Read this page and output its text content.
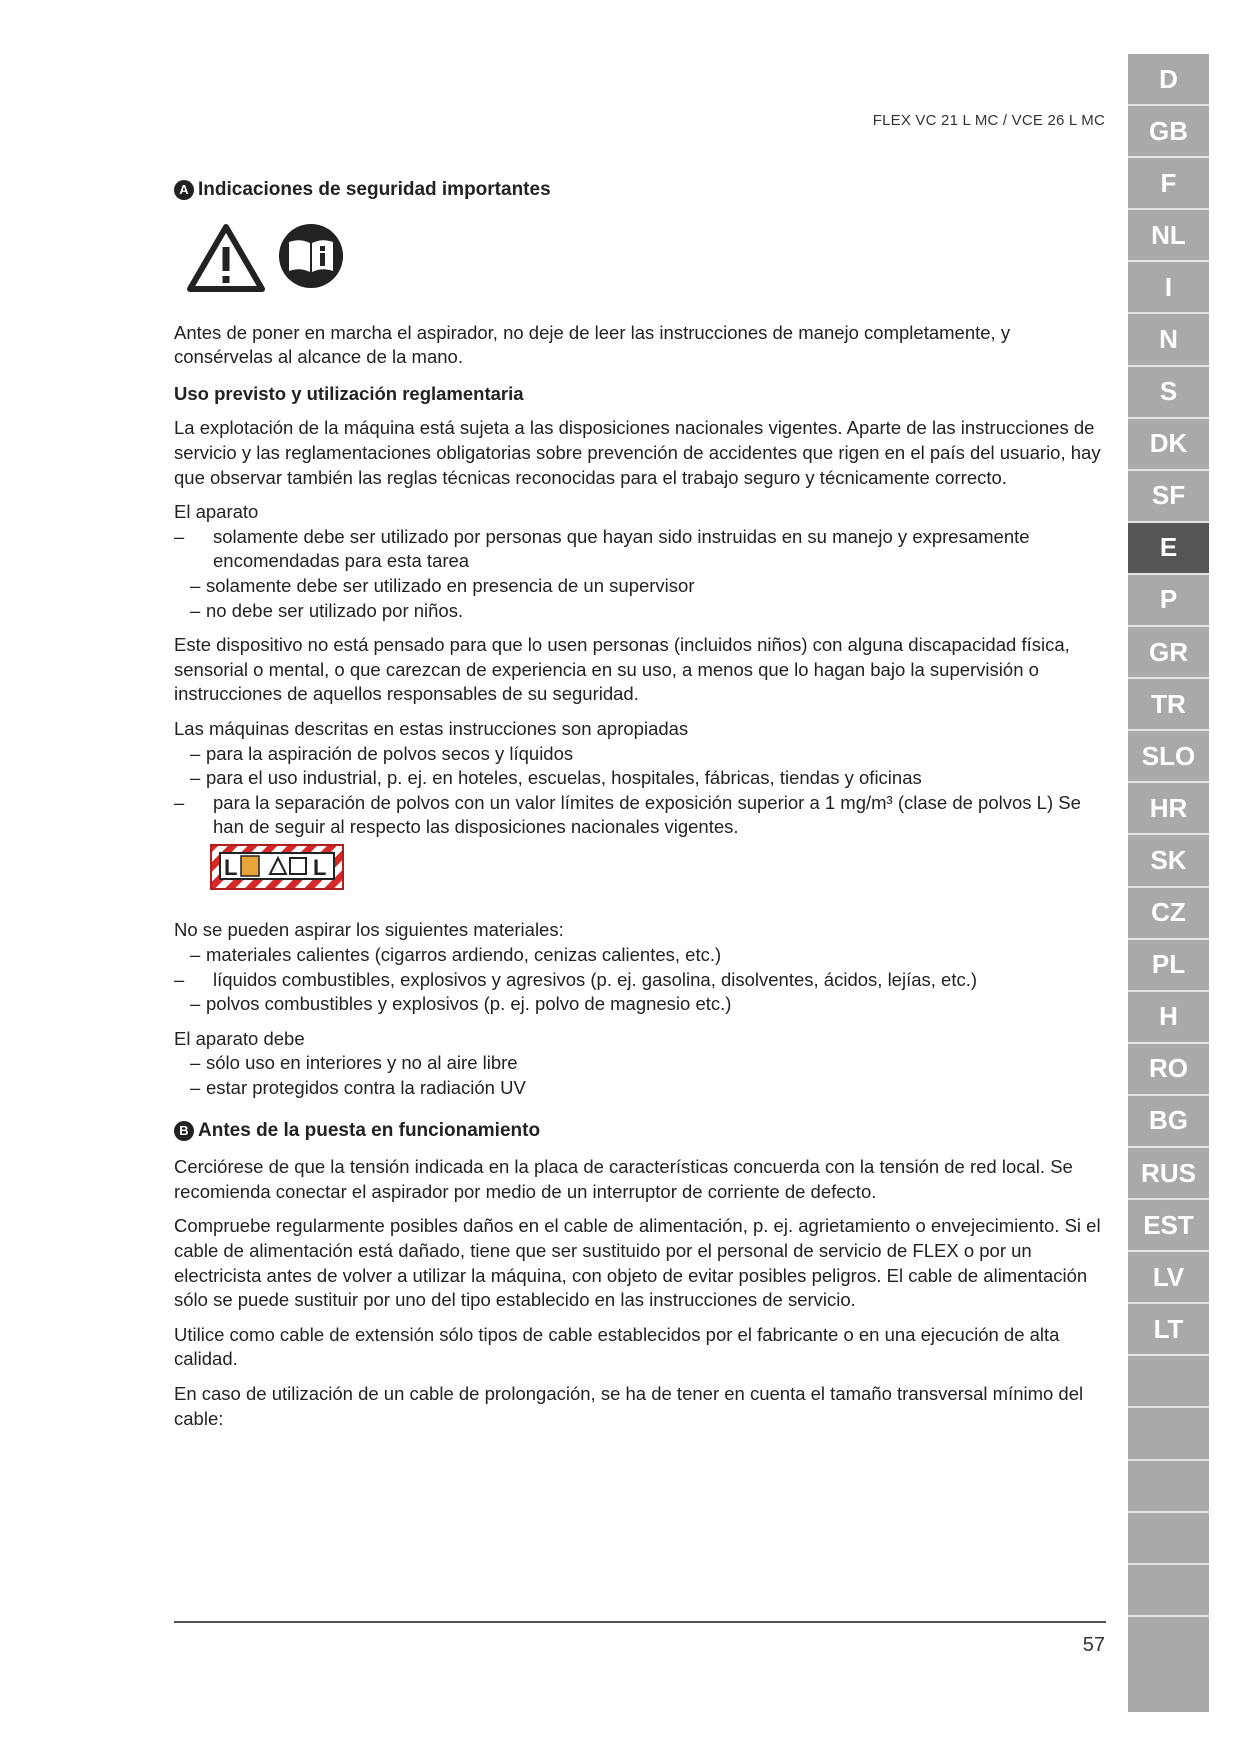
FLEX VC 21 L MC / VCE 26 L MC
A Indicaciones de seguridad importantes

Antes de poner en marcha el aspirador, no deje de leer las instrucciones de manejo completamente, y consérvelas al alcance de la mano.

Uso previsto y utilización reglamentaria

La explotación de la máquina está sujeta a las disposiciones nacionales vigentes. Aparte de las instrucciones de servicio y las reglamentaciones obligatorias sobre prevención de accidentes que rigen en el país del usuario, hay que observar también las reglas técnicas reconocidas para el trabajo seguro y técnicamente correcto.

El aparato
– solamente debe ser utilizado por personas que hayan sido instruidas en su manejo y expresamente encomendadas para esta tarea
– solamente debe ser utilizado en presencia de un supervisor
– no debe ser utilizado por niños.

Este dispositivo no está pensado para que lo usen personas (incluidos niños) con alguna discapacidad física, sensorial o mental, o que carezcan de experiencia en su uso, a menos que lo hagan bajo la supervisión o instrucciones de aquellos responsables de su seguridad.

Las máquinas descritas en estas instrucciones son apropiadas
– para la aspiración de polvos secos y líquidos
– para el uso industrial, p. ej. en hoteles, escuelas, hospitales, fábricas, tiendas y oficinas
– para la separación de polvos con un valor límites de exposición superior a 1 mg/m³ (clase de polvos L) Se han de seguir al respecto las disposiciones nacionales vigentes.
L	L
No se pueden aspirar los siguientes materiales:
– materiales calientes (cigarros ardiendo, cenizas calientes, etc.)
– líquidos combustibles, explosivos y agresivos (p. ej. gasolina, disolventes, ácidos, lejías, etc.)
– polvos combustibles y explosivos (p. ej. polvo de magnesio etc.)
El aparato debe
– sólo uso en interiores y no al aire libre
– estar protegidos contra la radiación UV
B Antes de la puesta en funcionamiento

Cerciórese de que la tensión indicada en la placa de características concuerda con la tensión de red local. Se recomienda conectar el aspirador por medio de un interruptor de corriente de defecto.

Compruebe regularmente posibles daños en el cable de alimentación, p. ej. agrietamiento o envejecimiento. Si el cable de alimentación está dañado, tiene que ser sustituido por el personal de servicio de FLEX o por un electricista antes de volver a utilizar la máquina, con objeto de evitar posibles peligros. El cable de alimentación sólo se puede sustituir por uno del tipo establecido en las instrucciones de servicio.

Utilice como cable de extensión sólo tipos de cable establecidos por el fabricante o en una ejecución de alta calidad.

En caso de utilización de un cable de prolongación, se ha de tener en cuenta el tamaño transversal mínimo del cable:

D
GB
F
NL
I
N
S
DK
SF
E
P
GR
TR
SLO
HR
SK
CZ
PL
H
RO
BG
RUS
EST
LV
LT
57
